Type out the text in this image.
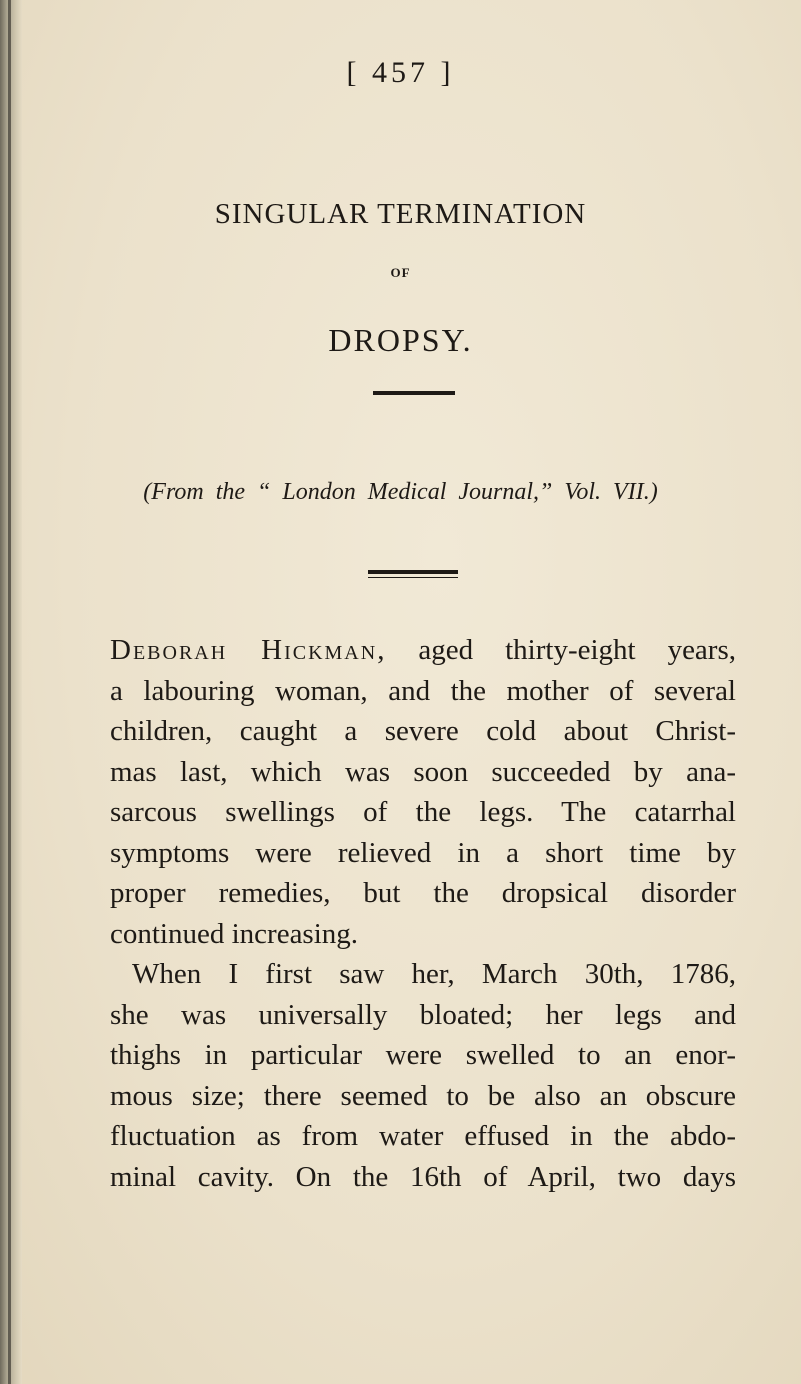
[ 457 ]
SINGULAR TERMINATION
OF
DROPSY.
(From the “ London Medical Journal,” Vol. VII.)
Deborah Hickman, aged thirty-eight years,
a labouring woman, and the mother of several
children, caught a severe cold about Christ-
mas last, which was soon succeeded by ana-
sarcous swellings of the legs. The catarrhal
symptoms were relieved in a short time by
proper remedies, but the dropsical disorder
continued increasing.
When I first saw her, March 30th, 1786,
she was universally bloated; her legs and
thighs in particular were swelled to an enor-
mous size; there seemed to be also an obscure
fluctuation as from water effused in the abdo-
minal cavity. On the 16th of April, two days
